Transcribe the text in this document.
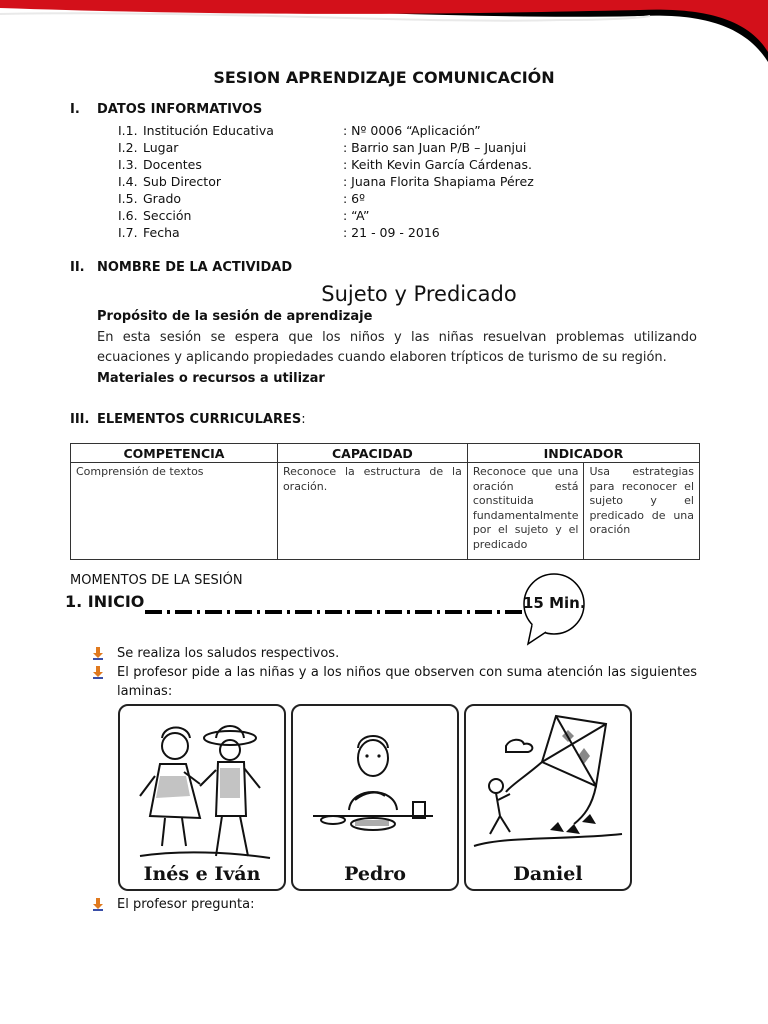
SESION APRENDIZAJE COMUNICACIÓN
I. DATOS INFORMATIVOS
I.1. Institución Educativa	: Nº 0006 “Aplicación”
I.2. Lugar	: Barrio san Juan P/B – Juanjui
I.3. Docentes	: Keith Kevin García Cárdenas.
I.4. Sub Director	: Juana Florita Shapiama Pérez
I.5. Grado	: 6º
I.6. Sección	: “A”
I.7. Fecha	: 21 - 09 - 2016
II. NOMBRE DE LA ACTIVIDAD
Sujeto y Predicado
Propósito de la sesión de aprendizaje
En esta sesión se espera que los niños y las niñas resuelvan problemas utilizando ecuaciones y aplicando propiedades cuando elaboren trípticos de turismo de su región.
Materiales o recursos a utilizar
III. ELEMENTOS CURRICULARES:
COMPETENCIA	CAPACIDAD	INDICADOR	
Comprensión de textos	Reconoce la estructura de la oración.	Reconoce que una oración está constituida fundamentalmente por el sujeto y el predicado	Usa estrategias para reconocer el sujeto y el predicado de una oración
MOMENTOS DE LA SESIÓN
1. INICIO	15 Min.
Se realiza los saludos respectivos.
El profesor pide a las niñas y a los niños que observen con suma atención las siguientes laminas:
Inés e Iván	Pedro	Daniel
El profesor pregunta:
